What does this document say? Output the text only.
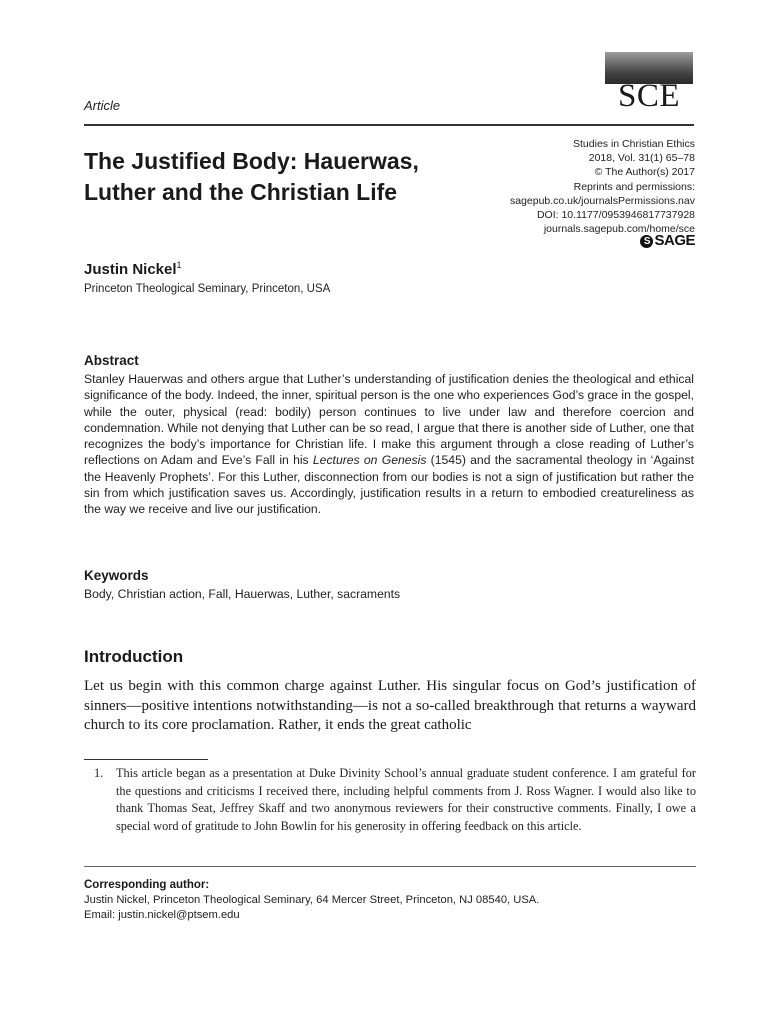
SCE
Article
The Justified Body: Hauerwas, Luther and the Christian Life
Studies in Christian Ethics
2018, Vol. 31(1) 65–78
© The Author(s) 2017
Reprints and permissions:
sagepub.co.uk/journalsPermissions.nav
DOI: 10.1177/0953946817737928
journals.sagepub.com/home/sce
S SAGE
Justin Nickel$^1$
Princeton Theological Seminary, Princeton, USA
Abstract
Stanley Hauerwas and others argue that Luther’s understanding of justification denies the theological and ethical significance of the body. Indeed, the inner, spiritual person is the one who experiences God’s grace in the gospel, while the outer, physical (read: bodily) person continues to live under law and therefore coercion and condemnation. While not denying that Luther can be so read, I argue that there is another side of Luther, one that recognizes the body’s importance for Christian life. I make this argument through a close reading of Luther’s reflections on Adam and Eve’s Fall in his Lectures on Genesis (1545) and the sacramental theology in ‘Against the Heavenly Prophets’. For this Luther, disconnection from our bodies is not a sign of justification but rather the sin from which justification saves us. Accordingly, justification results in a return to embodied creatureliness as the way we receive and live our justification.
Keywords
Body, Christian action, Fall, Hauerwas, Luther, sacraments
Introduction
Let us begin with this common charge against Luther. His singular focus on God’s justification of sinners—positive intentions notwithstanding—is not a so-called breakthrough that returns a wayward church to its core proclamation. Rather, it ends the great catholic
1. This article began as a presentation at Duke Divinity School’s annual graduate student conference. I am grateful for the questions and criticisms I received there, including helpful comments from J. Ross Wagner. I would also like to thank Thomas Seat, Jeffrey Skaff and two anonymous reviewers for their constructive comments. Finally, I owe a special word of gratitude to John Bowlin for his generosity in offering feedback on this article.
Corresponding author:
Justin Nickel, Princeton Theological Seminary, 64 Mercer Street, Princeton, NJ 08540, USA.
Email: justin.nickel@ptsem.edu
